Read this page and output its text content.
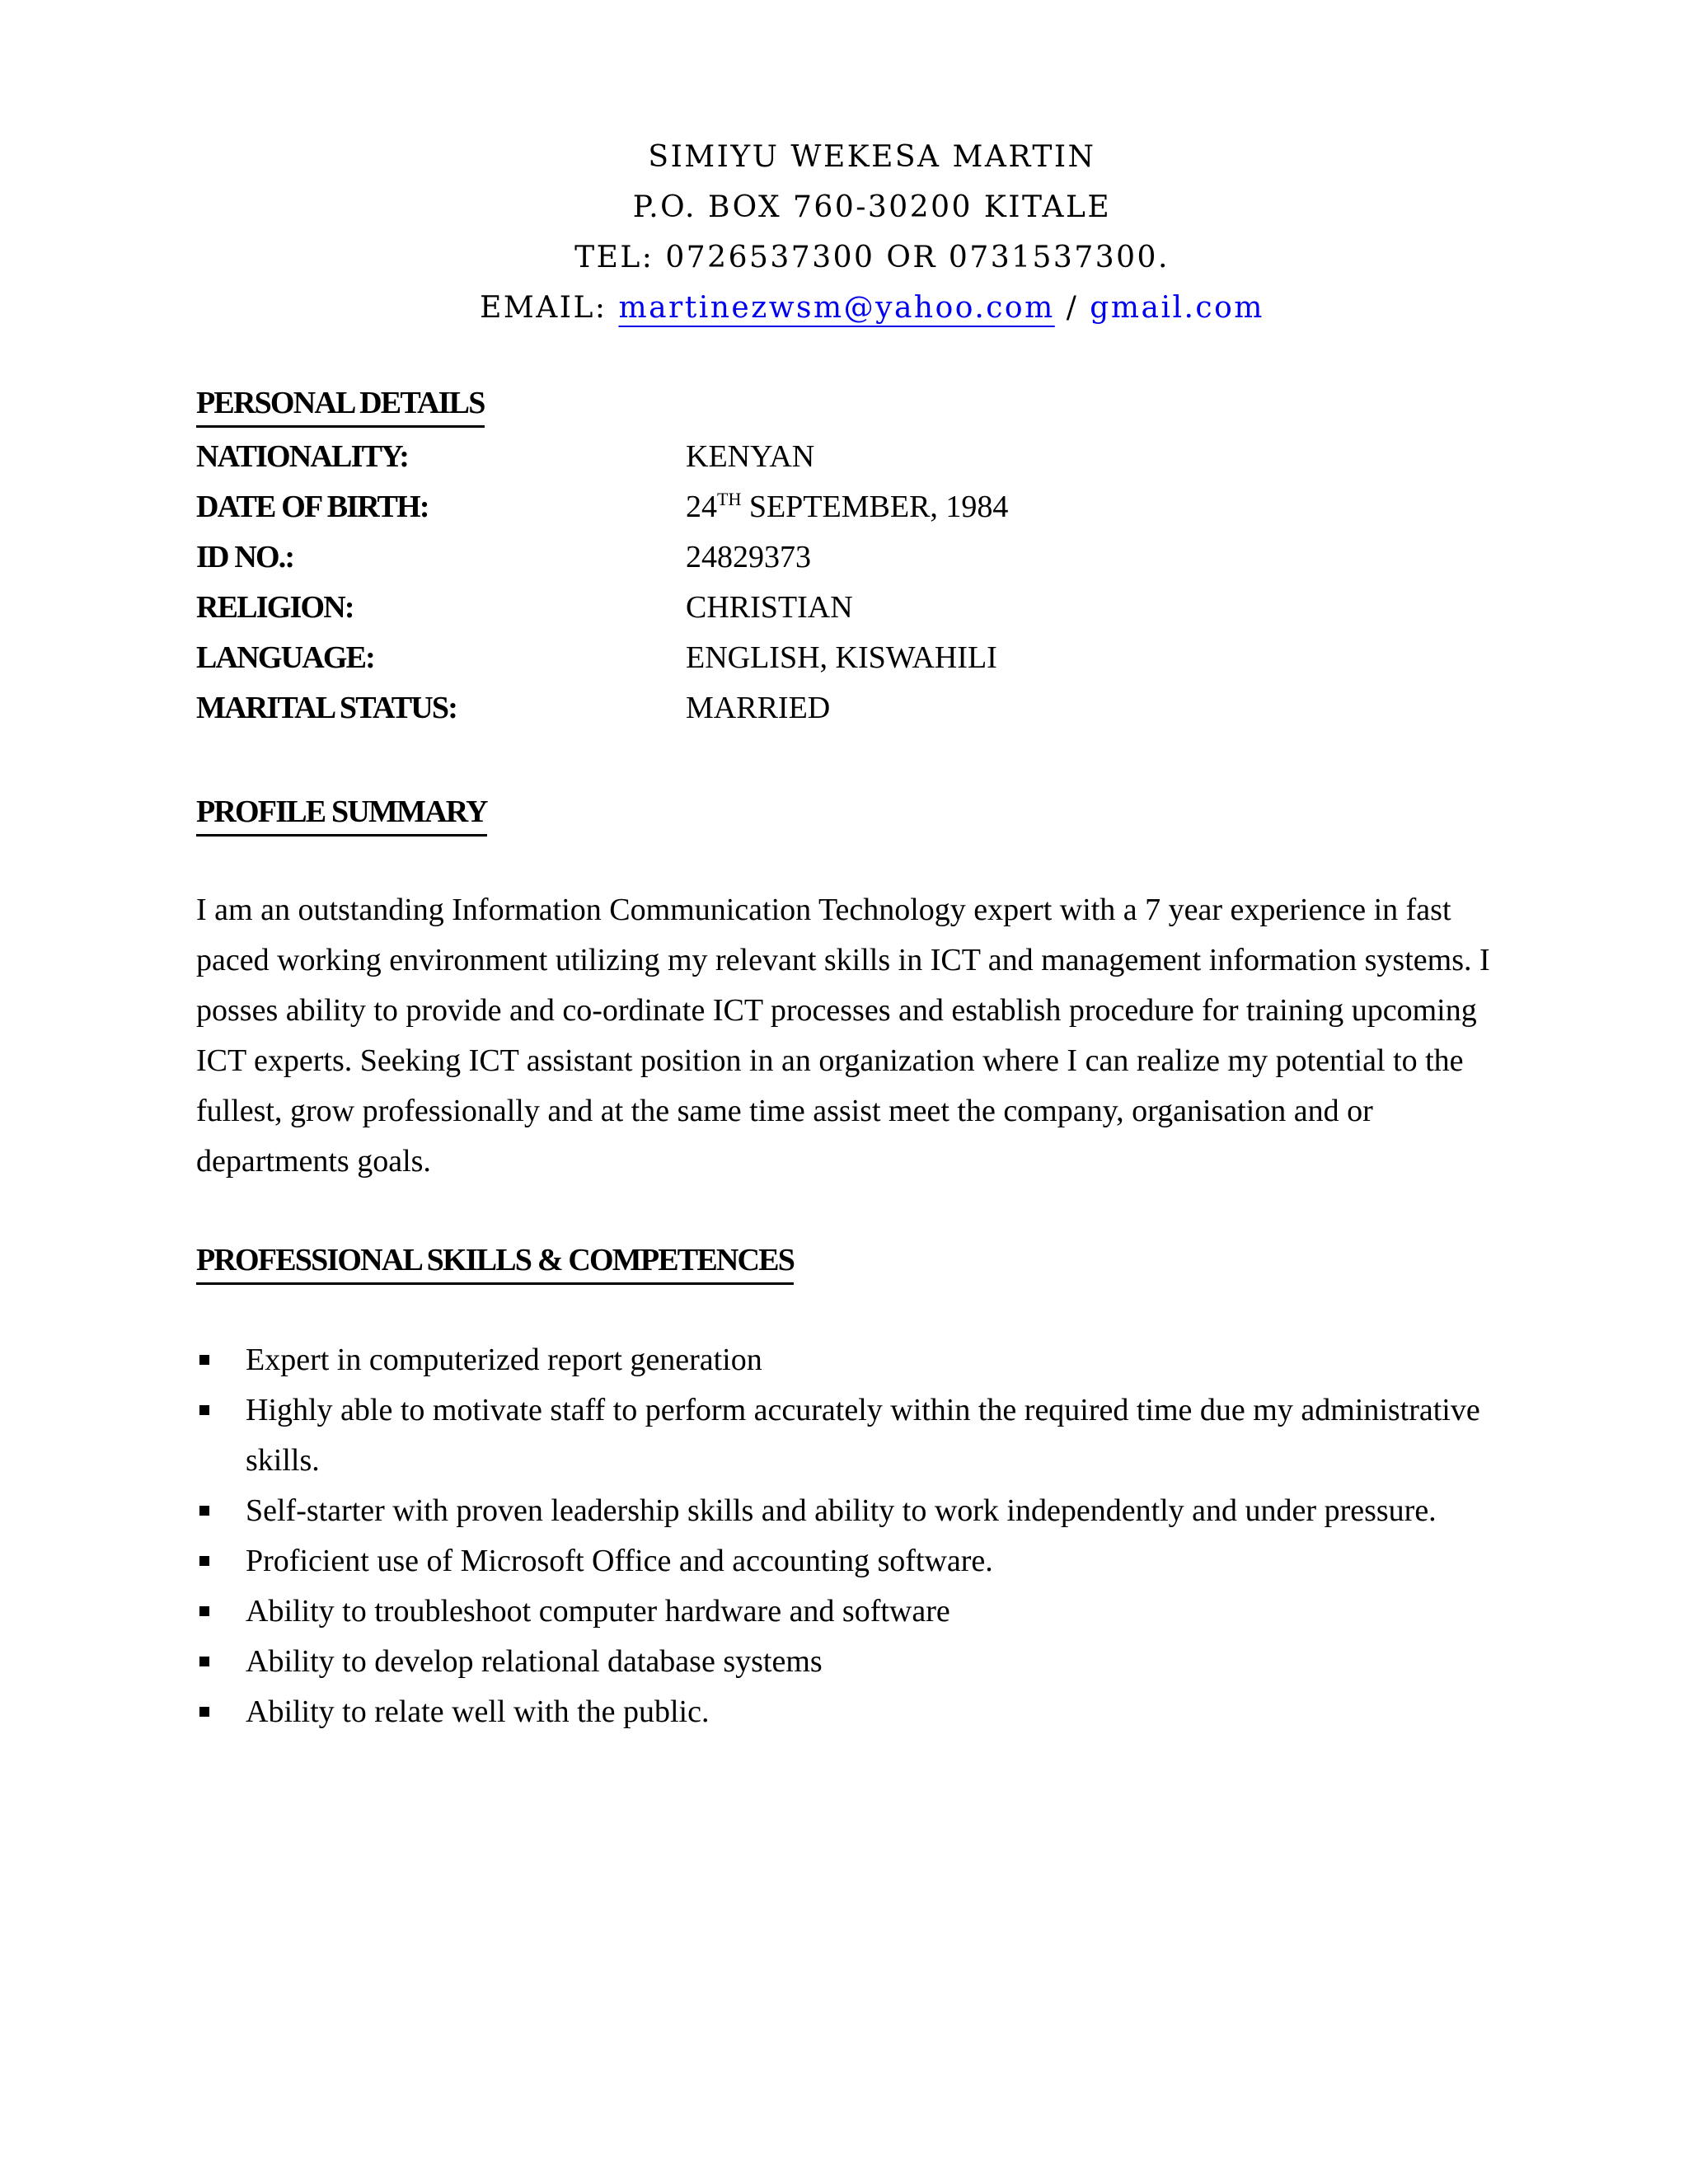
SIMIYU WEKESA MARTIN
P.O. BOX 760-30200 KITALE
TEL: 0726537300 OR 0731537300.
EMAIL: martinezwsm@yahoo.com / gmail.com
PERSONAL DETAILS
NATIONALITY:	KENYAN
DATE OF BIRTH:	24TH SEPTEMBER, 1984
ID NO.:	24829373
RELIGION:	CHRISTIAN
LANGUAGE:	ENGLISH, KISWAHILI
MARITAL STATUS:	MARRIED
PROFILE SUMMARY
I am an outstanding Information Communication Technology expert with a 7 year experience in fast
paced working environment utilizing my relevant skills in ICT and management information systems. I
posses ability to provide and co-ordinate ICT processes and establish procedure for training upcoming
ICT experts. Seeking ICT assistant position in an organization where I can realize my potential to the
fullest, grow professionally and at the same time assist meet the company, organisation and or
departments goals.
PROFESSIONAL SKILLS & COMPETENCES
Expert in computerized report generation
Highly able to motivate staff to perform accurately within the required time due my administrative
skills.
Self-starter with proven leadership skills and ability to work independently and under pressure.
Proficient use of Microsoft Office and accounting software.
Ability to troubleshoot computer hardware and software
Ability to develop relational database systems
Ability to relate well with the public.
